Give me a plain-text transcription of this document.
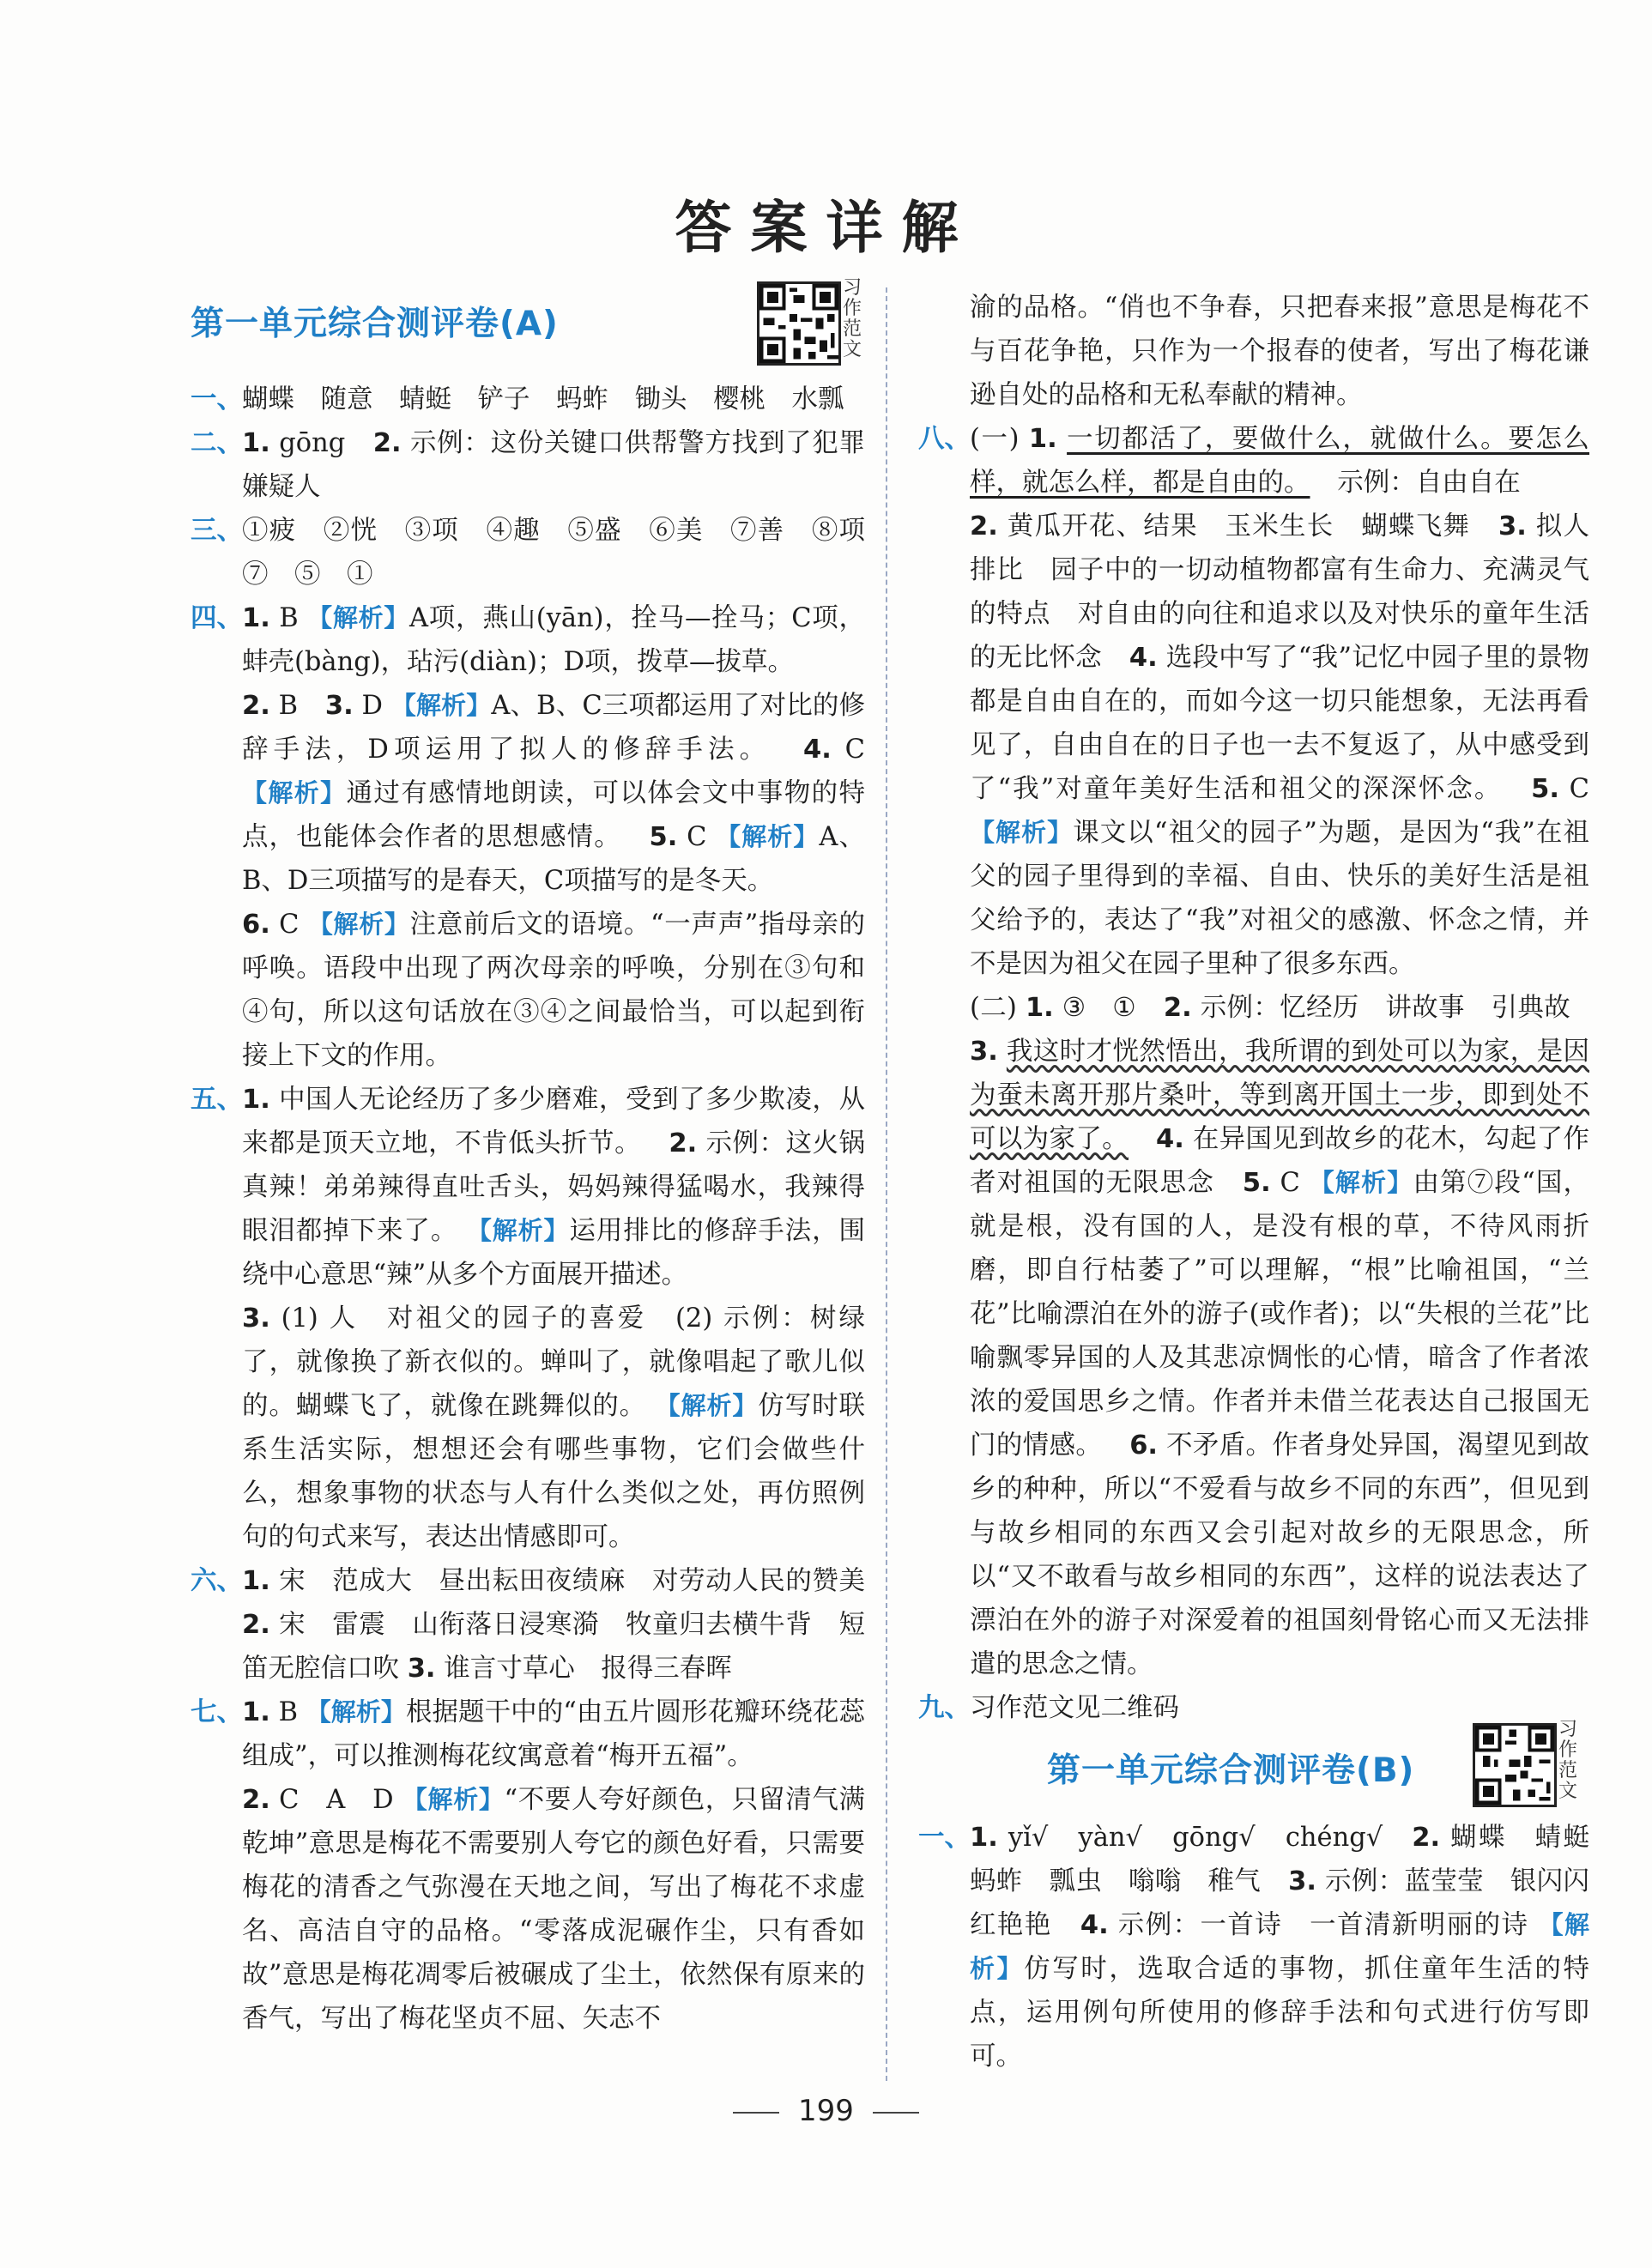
答案详解
第一单元综合测评卷(A)
习作范文
一、 蝴蝶　随意　蜻蜓　铲子　蚂蚱　锄头　樱桃　水瓢

二、 1. gōng 2. 示例：这份关键口供帮警方找到了犯罪嫌疑人

三、 ①疲　②恍　③项　④趣　⑤盛　⑥美　⑦善　⑧项　⑦　⑤　①

四、 1. B 【解析】A项，燕山(yān)，拴马—拴马；C项，蚌壳(bàng)，玷污(diàn)；D项，拨草—拔草。

2. B 3. D 【解析】A、B、C三项都运用了对比的修辞手法，D项运用了拟人的修辞手法。 4. C 【解析】通过有感情地朗读，可以体会文中事物的特点，也能体会作者的思想感情。 5. C 【解析】A、B、D三项描写的是春天，C项描写的是冬天。

6. C 【解析】注意前后文的语境。“一声声”指母亲的呼唤。语段中出现了两次母亲的呼唤，分别在③句和④句，所以这句话放在③④之间最恰当，可以起到衔接上下文的作用。

五、 1. 中国人无论经历了多少磨难，受到了多少欺凌，从来都是顶天立地，不肯低头折节。 2. 示例：这火锅真辣！弟弟辣得直吐舌头，妈妈辣得猛喝水，我辣得眼泪都掉下来了。 【解析】运用排比的修辞手法，围绕中心意思“辣”从多个方面展开描述。

3. (1) 人　对祖父的园子的喜爱　(2) 示例：树绿了，就像换了新衣似的。蝉叫了，就像唱起了歌儿似的。蝴蝶飞了，就像在跳舞似的。 【解析】仿写时联系生活实际，想想还会有哪些事物，它们会做些什么，想象事物的状态与人有什么类似之处，再仿照例句的句式来写，表达出情感即可。

六、 1. 宋　范成大　昼出耘田夜绩麻　对劳动人民的赞美 2. 宋　雷震　山衔落日浸寒漪　牧童归去横牛背　短笛无腔信口吹 3. 谁言寸草心　报得三春晖

七、 1. B 【解析】根据题干中的“由五片圆形花瓣环绕花蕊组成”，可以推测梅花纹寓意着“梅开五福”。

2. C　A　D 【解析】“不要人夸好颜色，只留清气满乾坤”意思是梅花不需要别人夸它的颜色好看，只需要梅花的清香之气弥漫在天地之间，写出了梅花不求虚名、高洁自守的品格。“零落成泥碾作尘，只有香如故”意思是梅花凋零后被碾成了尘土，依然保有原来的香气，写出了梅花坚贞不屈、矢志不

渝的品格。“俏也不争春，只把春来报”意思是梅花不与百花争艳，只作为一个报春的使者，写出了梅花谦逊自处的品格和无私奉献的精神。

八、 (一) 1. 一切都活了，要做什么，就做什么。要怎么样，就怎么样，都是自由的。 示例：自由自在

2. 黄瓜开花、结果　玉米生长　蝴蝶飞舞 3. 拟人　排比　园子中的一切动植物都富有生命力、充满灵气的特点　对自由的向往和追求以及对快乐的童年生活的无比怀念 4. 选段中写了“我”记忆中园子里的景物都是自由自在的，而如今这一切只能想象，无法再看见了，自由自在的日子也一去不复返了，从中感受到了“我”对童年美好生活和祖父的深深怀念。 5. C 【解析】课文以“祖父的园子”为题，是因为“我”在祖父的园子里得到的幸福、自由、快乐的美好生活是祖父给予的，表达了“我”对祖父的感激、怀念之情，并不是因为祖父在园子里种了很多东西。

(二) 1. ③　① 2. 示例：忆经历　讲故事　引典故 3. 我这时才恍然悟出，我所谓的到处可以为家，是因为蚕未离开那片桑叶，等到离开国土一步，即到处不可以为家了。 4. 在异国见到故乡的花木，勾起了作者对祖国的无限思念 5. C 【解析】由第⑦段“国，就是根，没有国的人，是没有根的草，不待风雨折磨，即自行枯萎了”可以理解，“根”比喻祖国，“兰花”比喻漂泊在外的游子(或作者)；以“失根的兰花”比喻飘零异国的人及其悲凉惆怅的心情，暗含了作者浓浓的爱国思乡之情。作者并未借兰花表达自己报国无门的情感。 6. 不矛盾。作者身处异国，渴望见到故乡的种种，所以“不爱看与故乡不同的东西”，但见到与故乡相同的东西又会引起对故乡的无限思念，所以“又不敢看与故乡相同的东西”，这样的说法表达了漂泊在外的游子对深爱着的祖国刻骨铭心而又无法排遣的思念之情。

九、 习作范文见二维码

第一单元综合测评卷(B)
习作范文
一、 1. yǐ√　yàn√　gōng√　chéng√ 2. 蝴蝶　蜻蜓　蚂蚱　瓢虫　嗡嗡　稚气 3. 示例：蓝莹莹　银闪闪　红艳艳 4. 示例：一首诗　一首清新明丽的诗 【解析】仿写时，选取合适的事物，抓住童年生活的特点，运用例句所使用的修辞手法和句式进行仿写即可。

199
